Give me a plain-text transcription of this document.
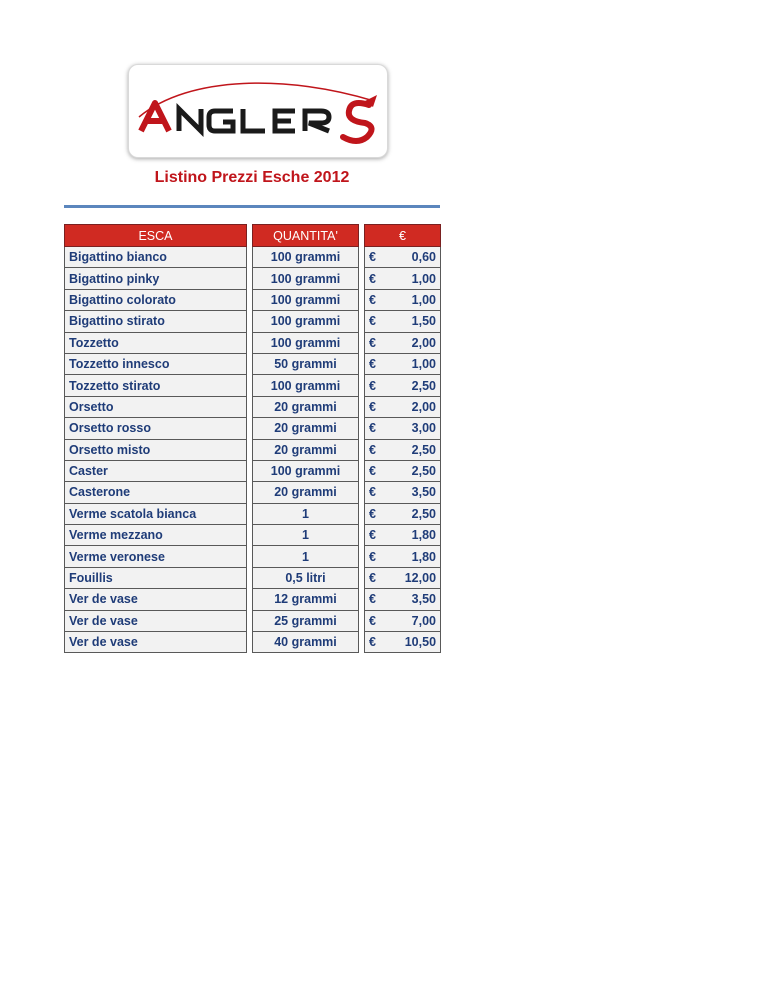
Listino Prezzi Esche 2012
ESCA		QUANTITA'		€	
Bigattino bianco		100 grammi		€	0,60
Bigattino pinky		100 grammi		€	1,00
Bigattino colorato		100 grammi		€	1,00
Bigattino stirato		100 grammi		€	1,50
Tozzetto		100 grammi		€	2,00
Tozzetto innesco		50 grammi		€	1,00
Tozzetto stirato		100 grammi		€	2,50
Orsetto		20 grammi		€	2,00
Orsetto rosso		20 grammi		€	3,00
Orsetto misto		20 grammi		€	2,50
Caster		100 grammi		€	2,50
Casterone		20 grammi		€	3,50
Verme scatola bianca		1		€	2,50
Verme mezzano		1		€	1,80
Verme veronese		1		€	1,80
Fouillis		0,5 litri		€	12,00
Ver de vase		12 grammi		€	3,50
Ver de vase		25 grammi		€	7,00
Ver de vase		40 grammi		€	10,50
